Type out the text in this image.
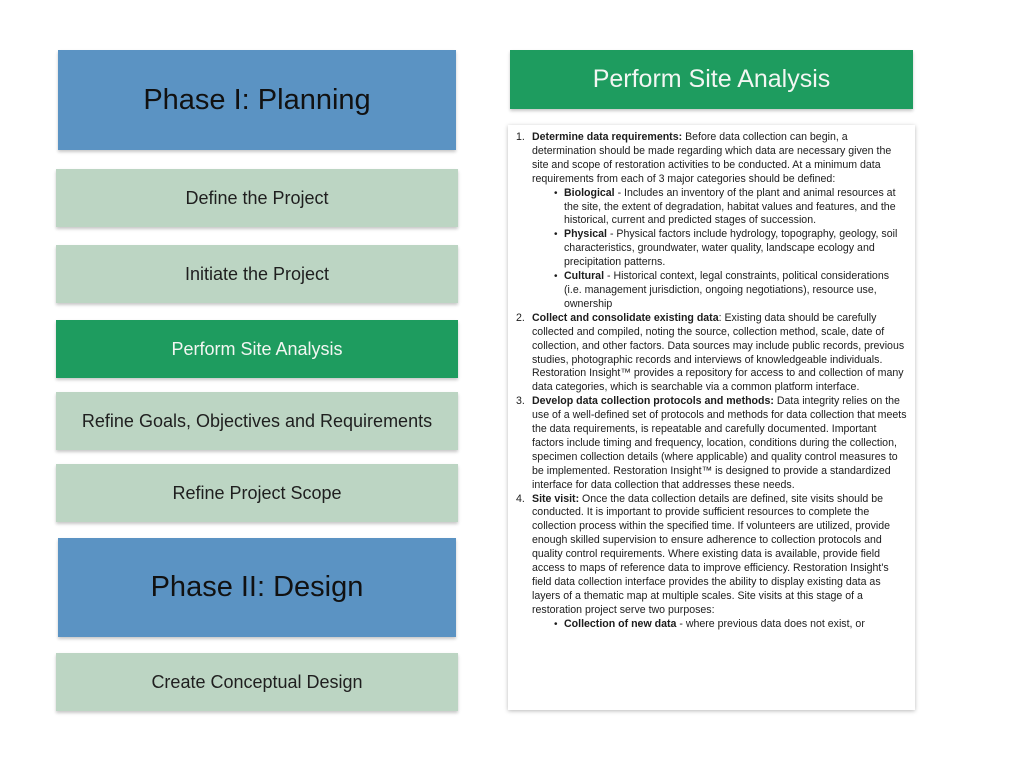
Phase I: Planning
Define the Project
Initiate the Project
Perform Site Analysis
Refine Goals, Objectives and Requirements
Refine Project Scope
Phase II: Design
Create Conceptual Design
Perform Site Analysis
1. Determine data requirements: Before data collection can begin, a determination should be made regarding which data are necessary given the site and scope of restoration activities to be conducted. At a minimum data requirements from each of 3 major categories should be defined:
• Biological - Includes an inventory of the plant and animal resources at the site, the extent of degradation, habitat values and features, and the historical, current and predicted stages of succession.
• Physical - Physical factors include hydrology, topography, geology, soil characteristics, groundwater, water quality, landscape ecology and precipitation patterns.
• Cultural - Historical context, legal constraints, political considerations (i.e. management jurisdiction, ongoing negotiations), resource use, ownership
2. Collect and consolidate existing data: Existing data should be carefully collected and compiled, noting the source, collection method, scale, date of collection, and other factors. Data sources may include public records, previous studies, photographic records and interviews of knowledgeable individuals. Restoration Insight™ provides a repository for access to and collection of many data categories, which is searchable via a common platform interface.
3. Develop data collection protocols and methods: Data integrity relies on the use of a well-defined set of protocols and methods for data collection that meets the data requirements, is repeatable and carefully documented. Important factors include timing and frequency, location, conditions during the collection, specimen collection details (where applicable) and quality control measures to be implemented. Restoration Insight™ is designed to provide a standardized interface for data collection that addresses these needs.
4. Site visit: Once the data collection details are defined, site visits should be conducted. It is important to provide sufficient resources to complete the collection process within the specified time. If volunteers are utilized, provide enough skilled supervision to ensure adherence to collection protocols and quality control requirements. Where existing data is available, provide field access to maps of reference data to improve efficiency. Restoration Insight's field data collection interface provides the ability to display existing data as layers of a thematic map at multiple scales. Site visits at this stage of a restoration project serve two purposes:
• Collection of new data - where previous data does not exist, or
